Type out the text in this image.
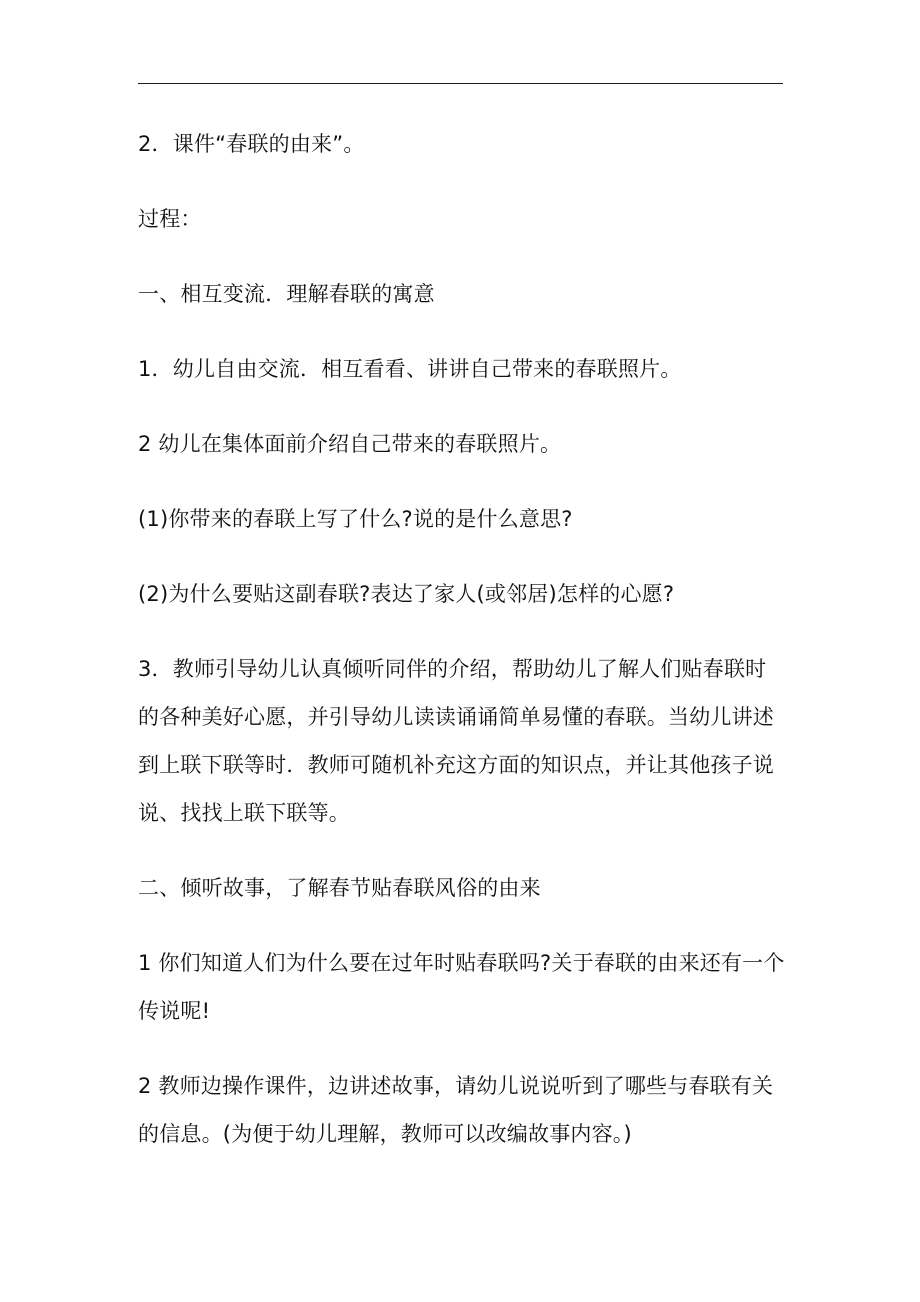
2．课件“春联的由来”。

过程：

一、相互变流．理解春联的寓意

1．幼儿自由交流．相互看看、讲讲自己带来的春联照片。

2 幼儿在集体面前介绍自己带来的春联照片。

(1)你带来的春联上写了什么?说的是什么意思?

(2)为什么要贴这副春联?表达了家人(或邻居)怎样的心愿?

3．教师引导幼儿认真倾听同伴的介绍，帮助幼儿了解人们贴春联时的各种美好心愿，并引导幼儿读读诵诵简单易懂的春联。当幼儿讲述到上联下联等时．教师可随机补充这方面的知识点，并让其他孩子说说、找找上联下联等。

二、倾听故事，了解春节贴春联风俗的由来

1 你们知道人们为什么要在过年时贴春联吗?关于春联的由来还有一个传说呢!

2 教师边操作课件，边讲述故事，请幼儿说说听到了哪些与春联有关的信息。(为便于幼儿理解，教师可以改编故事内容。)
